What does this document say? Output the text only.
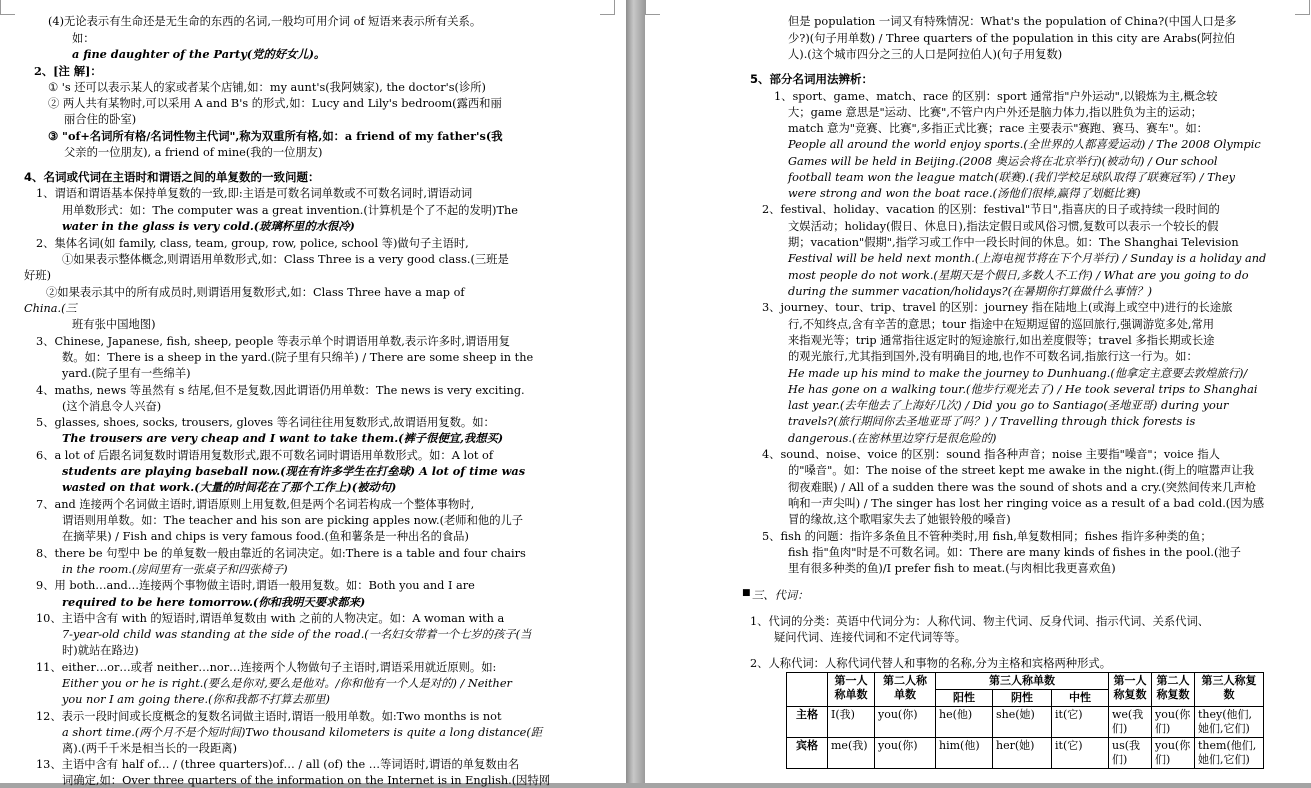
(4)无论表示有生命还是无生命的东西的名词,一般均可用介词 of 短语来表示所有关系。
如：
a fine daughter of the Party(党的好女儿)。
2、[注 解]：
① 's 还可以表示某人的家或者某个店铺,如：my aunt's(我阿姨家), the doctor's(诊所)
② 两人共有某物时,可以采用 A and B's 的形式,如：Lucy and Lily's bedroom(露西和丽
丽合住的卧室)
③ "of+名词所有格/名词性物主代词",称为双重所有格,如：a friend of my father's(我
父亲的一位朋友), a friend of mine(我的一位朋友)
4、名词或代词在主语时和谓语之间的单复数的一致问题：
1、谓语和谓语基本保持单复数的一致,即:主语是可数名词单数或不可数名词时,谓语动词
用单数形式：如：The computer was a great invention.(计算机是个了不起的发明)The
water in the glass is very cold.(玻璃杯里的水很冷)
2、集体名词(如 family, class, team, group, row, police, school 等)做句子主语时,
①如果表示整体概念,则谓语用单数形式,如：Class Three is a very good class.(三班是
好班)
②如果表示其中的所有成员时,则谓语用复数形式,如：Class Three have a map of
China.(三
班有张中国地图)
3、Chinese, Japanese, fish, sheep, people 等表示单个时谓语用单数,表示许多时,谓语用复
数。如：There is a sheep in the yard.(院子里有只绵羊) / There are some sheep in the
yard.(院子里有一些绵羊)
4、maths, news 等虽然有 s 结尾,但不是复数,因此谓语仍用单数：The news is very exciting.
(这个消息令人兴奋)
5、glasses, shoes, socks, trousers, gloves 等名词往往用复数形式,故谓语用复数。如：
The trousers are very cheap and I want to take them.(裤子很便宜,我想买)
6、a lot of 后跟名词复数时谓语用复数形式,跟不可数名词时谓语用单数形式。如：A lot of
students are playing baseball now.(现在有许多学生在打垒球) A lot of time was
wasted on that work.(大量的时间花在了那个工作上)(被动句)
7、and 连接两个名词做主语时,谓语原则上用复数,但是两个名词若构成一个整体事物时,
谓语则用单数。如：The teacher and his son are picking apples now.(老师和他的儿子
在摘苹果) / Fish and chips is very famous food.(鱼和薯条是一种出名的食品)
8、there be 句型中 be 的单复数一般由靠近的名词决定。如:There is a table and four chairs
in the room.(房间里有一张桌子和四张椅子)
9、用 both…and…连接两个事物做主语时,谓语一般用复数。如：Both you and I are
required to be here tomorrow.(你和我明天要求都来)
10、主语中含有 with 的短语时,谓语单复数由 with 之前的人物决定。如：A woman with a
7-year-old child was standing at the side of the road.(一名妇女带着一个七岁的孩子(当
时)就站在路边)
11、either…or…或者 neither…nor…连接两个人物做句子主语时,谓语采用就近原则。如:
Either you or he is right.(要么是你对,要么是他对。/你和他有一个人是对的) / Neither
you nor I am going there.(你和我都不打算去那里)
12、表示一段时间或长度概念的复数名词做主语时,谓语一般用单数。如:Two months is not
a short time.(两个月不是个短时间)Two thousand kilometers is quite a long distance(距
离).(两千千米是相当长的一段距离)
13、主语中含有 half of… / (three quarters)of… / all (of) the …等词语时,谓语的单复数由名
词确定,如：Over three quarters of the information on the Internet is in English.(因特网
但是 population 一词又有特殊情况：What's the population of China?(中国人口是多
少?)(句子用单数) / Three quarters of the population in this city are Arabs(阿拉伯
人).(这个城市四分之三的人口是阿拉伯人)(句子用复数)
5、部分名词用法辨析：
1、sport、game、match、race 的区别：sport 通常指"户外运动",以锻炼为主,概念较
大；game 意思是"运动、比赛",不管户内户外还是脑力体力,指以胜负为主的运动；
match 意为"竞赛、比赛",多指正式比赛；race 主要表示"赛跑、赛马、赛车"。如：
People all around the world enjoy sports.(全世界的人都喜爱运动) / The 2008 Olympic
Games will be held in Beijing.(2008 奥运会将在北京举行)(被动句) / Our school
football team won the league match(联赛).(我们学校足球队取得了联赛冠军) / They
were strong and won the boat race.(汤他们很棒,赢得了划艇比赛)
2、festival、holiday、vacation 的区别：festival"节日",指喜庆的日子或持续一段时间的
文娱活动；holiday(假日、休息日),指法定假日或风俗习惯,复数可以表示一个较长的假
期；vacation"假期",指学习或工作中一段长时间的休息。如：The Shanghai Television
Festival will be held next month.(上海电视节将在下个月举行) / Sunday is a holiday and
most people do not work.(星期天是个假日,多数人不工作) / What are you going to do
during the summer vacation/holidays?(在暑期你打算做什么事情？)
3、journey、tour、trip、travel 的区别：journey 指在陆地上(或海上或空中)进行的长途旅
行,不知终点,含有辛苦的意思；tour 指途中在短期逗留的巡回旅行,强调游览多处,常用
来指观光等；trip 通常指往返定时的短途旅行,如出差度假等；travel 多指长期或长途
的观光旅行,尤其指到国外,没有明确目的地,也作不可数名词,指旅行这一行为。如：
He made up his mind to make the journey to Dunhuang.(他拿定主意要去敦煌旅行)/
He has gone on a walking tour.(他步行观光去了) / He took several trips to Shanghai
last year.(去年他去了上海好几次) / Did you go to Santiago(圣地亚哥) during your
travels?(旅行期间你去圣地亚哥了吗？) / Travelling through thick forests is
dangerous.(在密林里边穿行是很危险的)
4、sound、noise、voice 的区别：sound 指各种声音；noise 主要指"噪音"；voice 指人
的"嗓音"。如：The noise of the street kept me awake in the night.(街上的喧嚣声让我
彻夜难眠) / All of a sudden there was the sound of shots and a cry.(突然间传来几声枪
响和一声尖叫) / The singer has lost her ringing voice as a result of a bad cold.(因为感
冒的缘故,这个歌唱家失去了她银铃般的嗓音)
5、fish 的问题：指许多条鱼且不管种类时,用 fish,单复数相同；fishes 指许多种类的鱼；
fish 指"鱼肉"时是不可数名词。如：There are many kinds of fishes in the pool.(池子
里有很多种类的鱼)/I prefer fish to meat.(与肉相比我更喜欢鱼)
■ 三、代词：
1、代词的分类：英语中代词分为：人称代词、物主代词、反身代词、指示代词、关系代词、
疑问代词、连接代词和不定代词等等。
2、人称代词：人称代词代替人和事物的名称,分为主格和宾格两种形式。
	第一人称单数	第二人称单数	第三人称单数			第一人称复数	第二人称复数	第三人称复数
			阳性	阴性	中性			
主格	I(我)	you(你)	he(他)	she(她)	it(它)	we(我们)	you(你们)	they(他们,她们,它们)
宾格	me(我)	you(你)	him(他)	her(她)	it(它)	us(我们)	you(你们)	them(他们,她们,它们)
